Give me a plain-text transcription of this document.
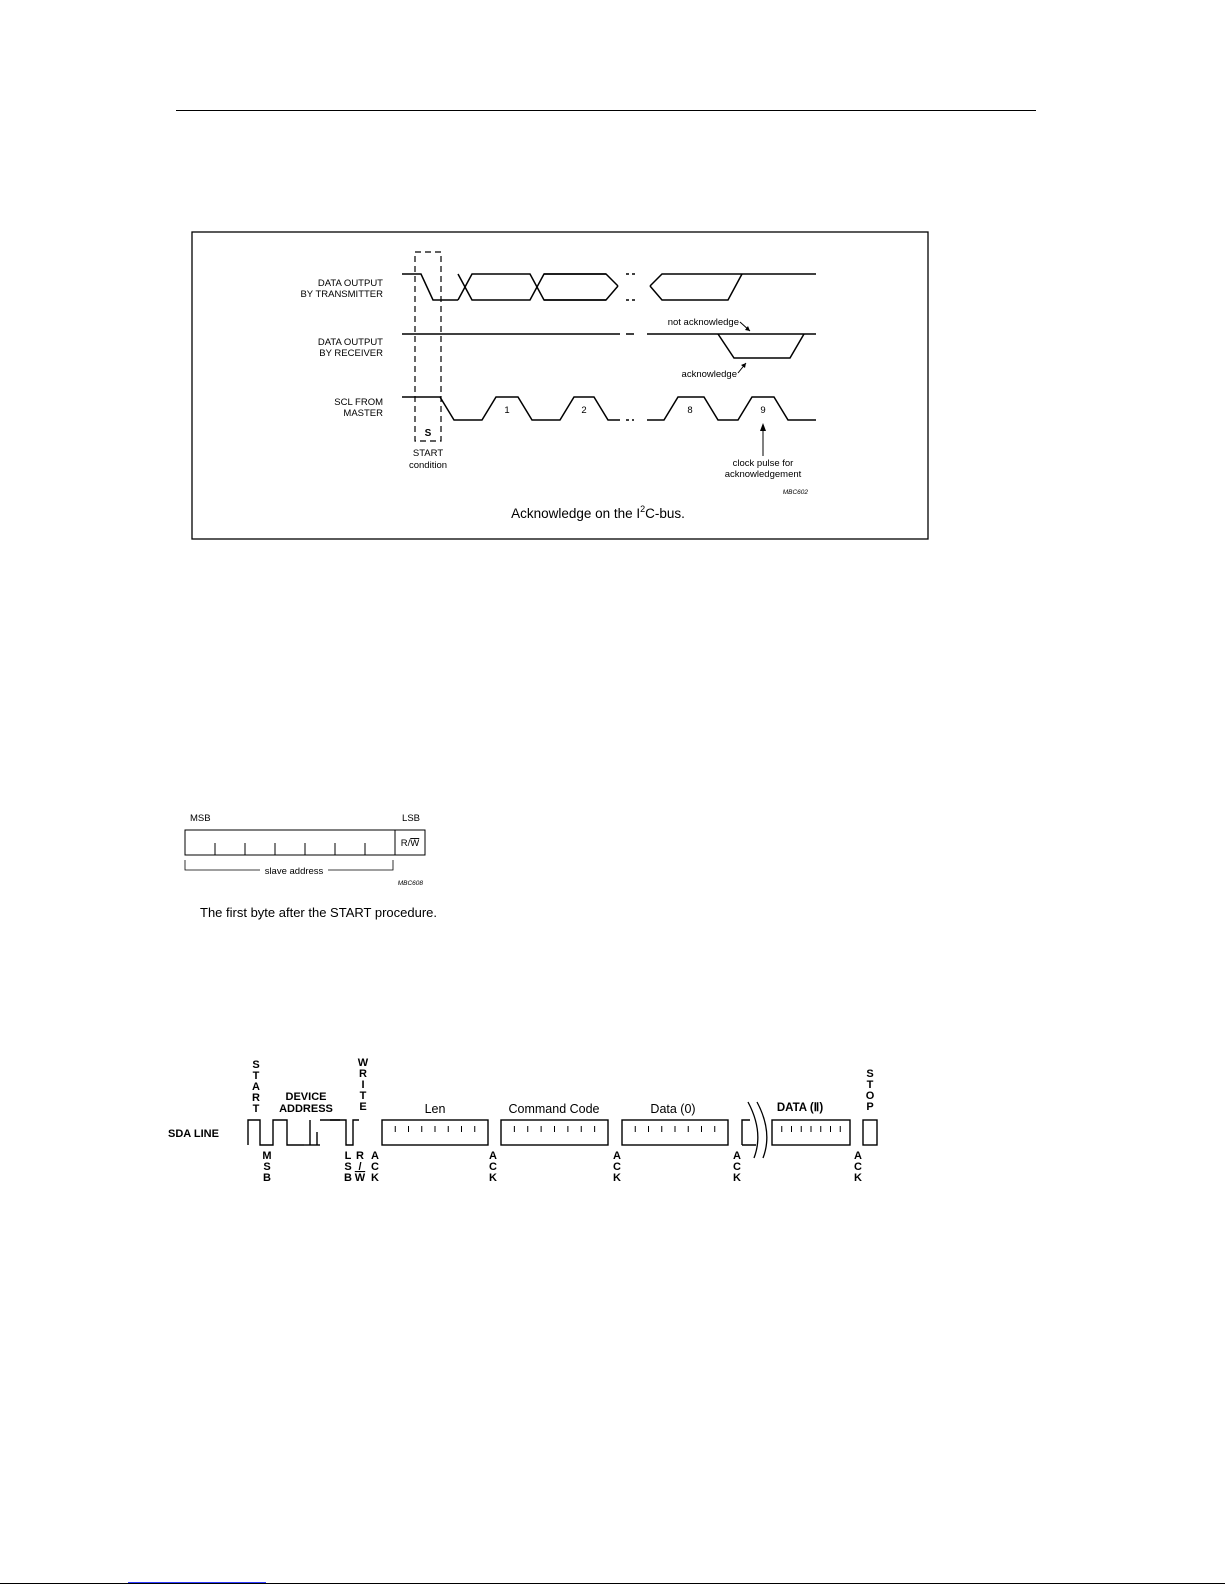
DATA OUTPUT
BY TRANSMITTER
DATA OUTPUT
BY RECEIVER
SCL FROM
MASTER
S
START
condition
not acknowledge
acknowledge
1	2	8	9
clock pulse for
acknowledgement
MBC602
Acknowledge on the $I^2C$-bus.
MSB	LSB
R/W
slave address
MBC608
The first byte after the START procedure.
SDA LINE
S T A R T
W R I T E
S T O P
M S B
L S B
R / W
A C K
A C K
A C K
A C K
A C K
DEVICE
ADDRESS	Len	Command Code	Data (0)	DATA (Ⅱ)
